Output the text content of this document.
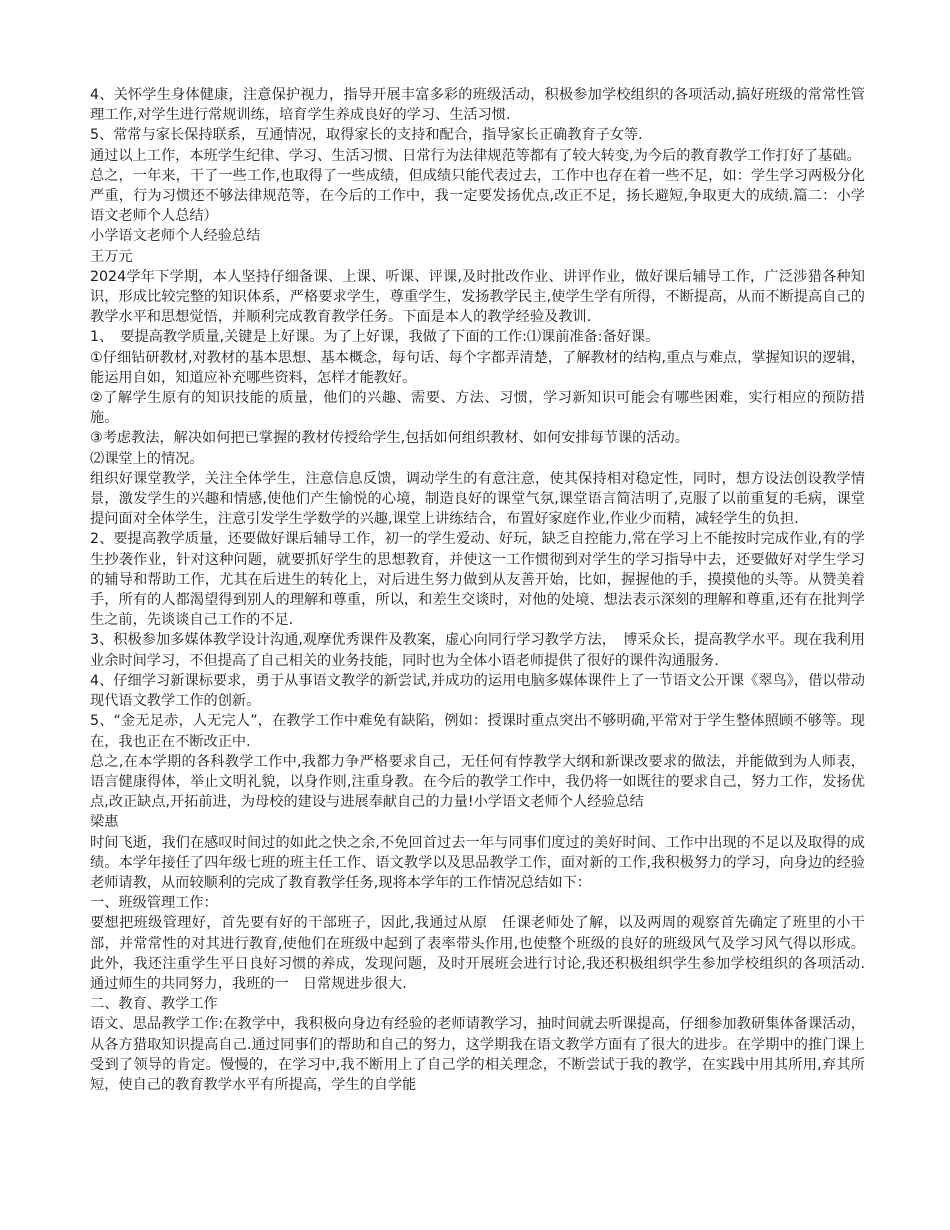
4、关怀学生身体健康，注意保护视力，指导开展丰富多彩的班级活动，积极参加学校组织的各项活动,搞好班级的常常性管理工作,对学生进行常规训练，培育学生养成良好的学习、生活习惯.

5、常常与家长保持联系，互通情况，取得家长的支持和配合，指导家长正确教育子女等.

通过以上工作，本班学生纪律、学习、生活习惯、日常行为法律规范等都有了较大转变,为今后的教育教学工作打好了基础。

总之，一年来，干了一些工作,也取得了一些成绩，但成绩只能代表过去，工作中也存在着一些不足，如：学生学习两极分化严重，行为习惯还不够法律规范等，在今后的工作中，我一定要发扬优点,改正不足，扬长避短,争取更大的成绩.篇二：小学语文老师个人总结）

小学语文老师个人经验总结

王万元

2024学年下学期，本人坚持仔细备课、上课、听课、评课,及时批改作业、讲评作业，做好课后辅导工作，广泛涉猎各种知识，形成比较完整的知识体系，严格要求学生，尊重学生，发扬教学民主,使学生学有所得，不断提高，从而不断提高自己的教学水平和思想觉悟，并顺利完成教育教学任务。下面是本人的教学经验及教训.

1、　要提高教学质量,关键是上好课。为了上好课，我做了下面的工作:⑴课前准备:备好课。

①仔细钻研教材,对教材的基本思想、基本概念，每句话、每个字都弄清楚，了解教材的结构,重点与难点，掌握知识的逻辑，能运用自如，知道应补充哪些资料，怎样才能教好。

②了解学生原有的知识技能的质量，他们的兴趣、需要、方法、习惯，学习新知识可能会有哪些困难，实行相应的预防措施。

③考虑教法，解决如何把已掌握的教材传授给学生,包括如何组织教材、如何安排每节课的活动。

⑵课堂上的情况。

组织好课堂教学，关注全体学生，注意信息反馈，调动学生的有意注意，使其保持相对稳定性，同时，想方设法创设教学情景，激发学生的兴趣和情感,使他们产生愉悦的心境，制造良好的课堂气氛,课堂语言简洁明了,克服了以前重复的毛病，课堂提问面对全体学生，注意引发学生学数学的兴趣,课堂上讲练结合，布置好家庭作业,作业少而精，减轻学生的负担.

2、要提高教学质量，还要做好课后辅导工作，初一的学生爱动、好玩，缺乏自控能力,常在学习上不能按时完成作业,有的学生抄袭作业，针对这种问题，就要抓好学生的思想教育，并使这一工作惯彻到对学生的学习指导中去，还要做好对学生学习的辅导和帮助工作，尤其在后进生的转化上，对后进生努力做到从友善开始，比如，握握他的手，摸摸他的头等。从赞美着手，所有的人都渴望得到别人的理解和尊重，所以，和差生交谈时，对他的处境、想法表示深刻的理解和尊重,还有在批判学生之前，先谈谈自己工作的不足.

3、积极参加多媒体教学设计沟通,观摩优秀课件及教案，虚心向同行学习教学方法，　博采众长，提高教学水平。现在我利用业余时间学习，不但提高了自己相关的业务技能，同时也为全体小语老师提供了很好的课件沟通服务.

4、仔细学习新课标要求，勇于从事语文教学的新尝试,并成功的运用电脑多媒体课件上了一节语文公开课《翠鸟》，借以带动现代语文教学工作的创新。

5、“金无足赤，人无完人”，在教学工作中难免有缺陷，例如：授课时重点突出不够明确,平常对于学生整体照顾不够等。现在，我也正在不断改正中.

总之,在本学期的各科教学工作中,我都力争严格要求自己，无任何有悖教学大纲和新课改要求的做法，并能做到为人师表，语言健康得体，举止文明礼貌，以身作则,注重身教。在今后的教学工作中，我仍将一如既往的要求自己，努力工作，发扬优点,改正缺点,开拓前进，为母校的建设与进展奉献自己的力量!小学语文老师个人经验总结

梁惠

时间飞逝，我们在感叹时间过的如此之快之余,不免回首过去一年与同事们度过的美好时间、工作中出现的不足以及取得的成绩。本学年接任了四年级七班的班主任工作、语文教学以及思品教学工作，面对新的工作,我积极努力的学习，向身边的经验老师请教，从而较顺利的完成了教育教学任务,现将本学年的工作情况总结如下：

一、班级管理工作：

要想把班级管理好，首先要有好的干部班子，因此,我通过从原　任课老师处了解，以及两周的观察首先确定了班里的小干部，并常常性的对其进行教育,使他们在班级中起到了表率带头作用,也使整个班级的良好的班级风气及学习风气得以形成。此外，我还注重学生平日良好习惯的养成，发现问题，及时开展班会进行讨论,我还积极组织学生参加学校组织的各项活动.通过师生的共同努力，我班的一　日常规进步很大.

二、教育、教学工作

语文、思品教学工作:在教学中，我积极向身边有经验的老师请教学习，抽时间就去听课提高，仔细参加教研集体备课活动，从各方猎取知识提高自己.通过同事们的帮助和自己的努力，这学期我在语文教学方面有了很大的进步。在学期中的推门课上受到了领导的肯定。慢慢的，在学习中,我不断用上了自己学的相关理念，不断尝试于我的教学，在实践中用其所用,弃其所短，使自己的教育教学水平有所提高，学生的自学能
